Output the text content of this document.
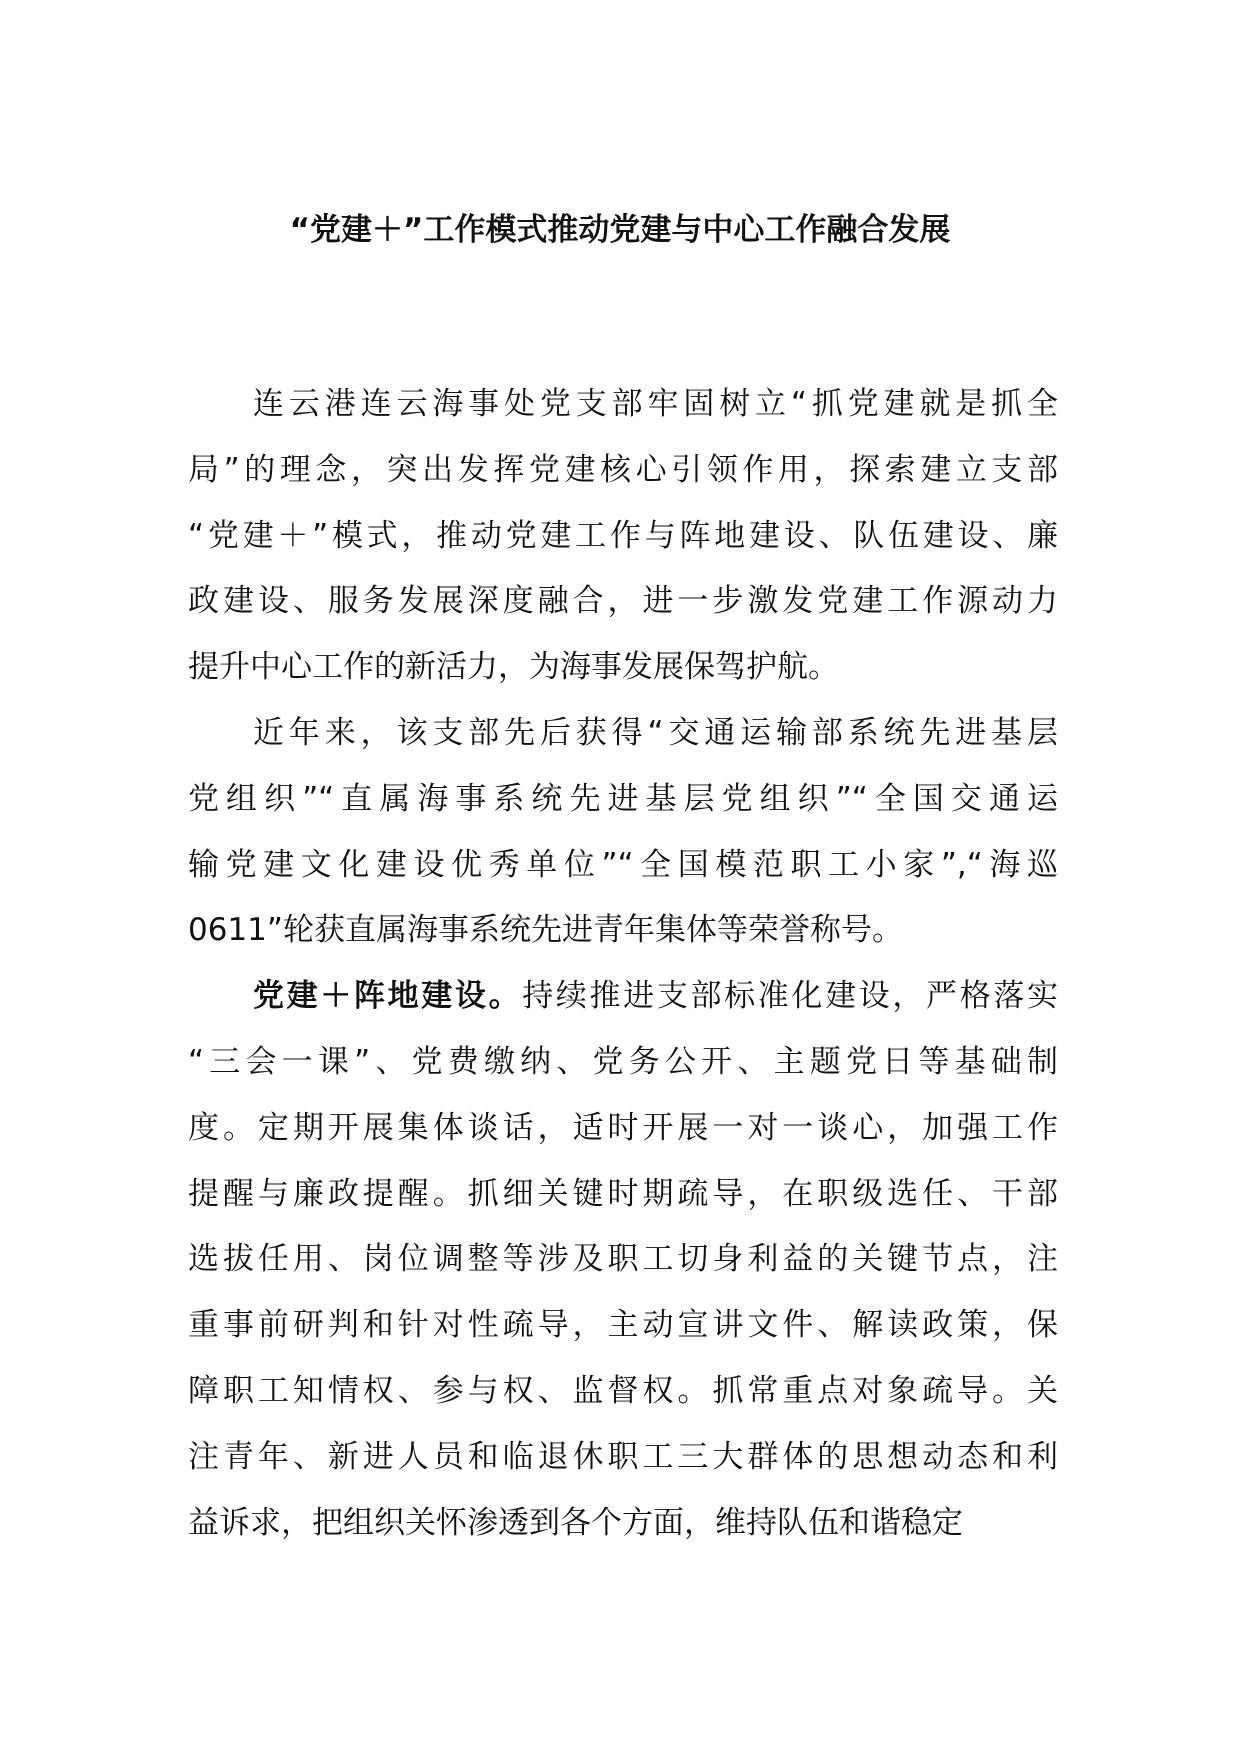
“党建＋”工作模式推动党建与中心工作融合发展
连云港连云海事处党支部牢固树立“抓党建就是抓全
局”的理念，突出发挥党建核心引领作用，探索建立支部
“党建＋”模式，推动党建工作与阵地建设、队伍建设、廉
政建设、服务发展深度融合，进一步激发党建工作源动力
提升中心工作的新活力，为海事发展保驾护航。
近年来，该支部先后获得“交通运输部系统先进基层
党组织”“直属海事系统先进基层党组织”“全国交通运
输党建文化建设优秀单位”“全国模范职工小家”,“海巡
0611”轮获直属海事系统先进青年集体等荣誉称号。
党建＋阵地建设。持续推进支部标准化建设，严格落实
“三会一课”、党费缴纳、党务公开、主题党日等基础制
度。定期开展集体谈话，适时开展一对一谈心，加强工作
提醒与廉政提醒。抓细关键时期疏导，在职级选任、干部
选拔任用、岗位调整等涉及职工切身利益的关键节点，注
重事前研判和针对性疏导，主动宣讲文件、解读政策，保
障职工知情权、参与权、监督权。抓常重点对象疏导。关
注青年、新进人员和临退休职工三大群体的思想动态和利
益诉求，把组织关怀渗透到各个方面，维持队伍和谐稳定
